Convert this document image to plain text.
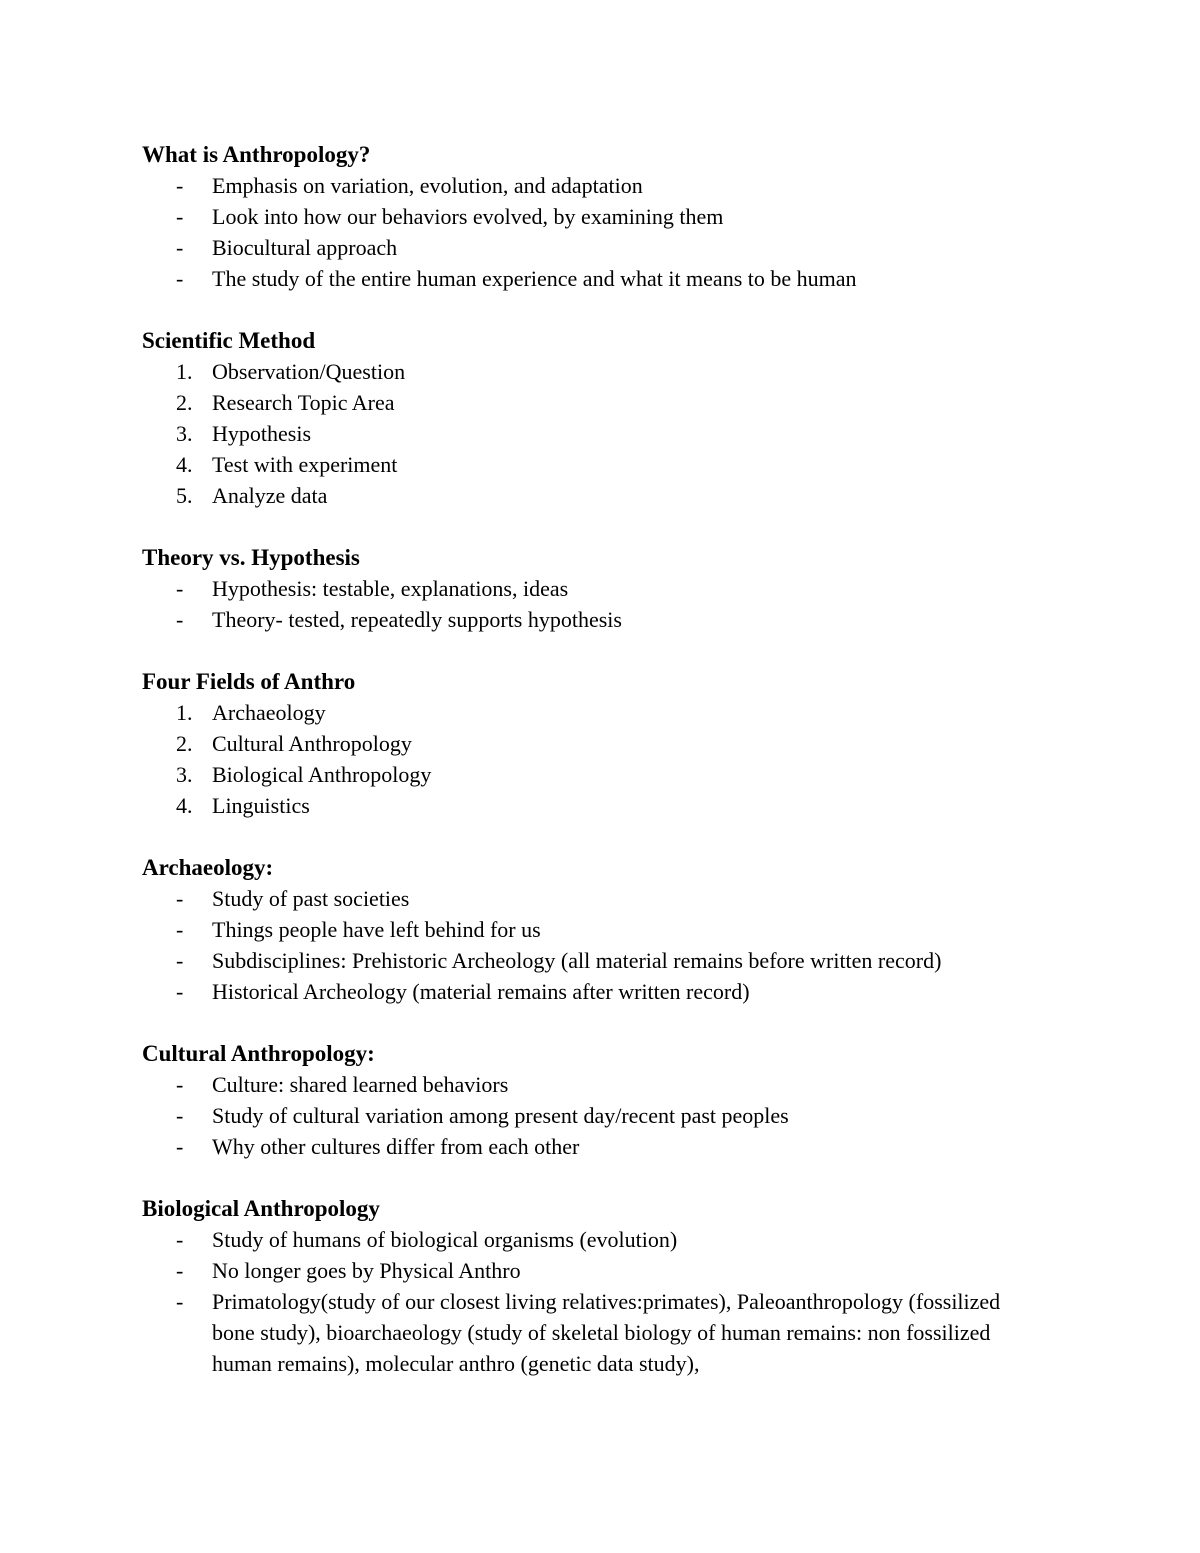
What is Anthropology?
-	Emphasis on variation, evolution, and adaptation
-	Look into how our behaviors evolved, by examining them
-	Biocultural approach
-	The study of the entire human experience and what it means to be human
Scientific Method
1. Observation/Question
2. Research Topic Area
3. Hypothesis
4. Test with experiment
5. Analyze data
Theory vs. Hypothesis
-	Hypothesis: testable, explanations, ideas
-	Theory- tested, repeatedly supports hypothesis
Four Fields of Anthro
1. Archaeology
2. Cultural Anthropology
3. Biological Anthropology
4. Linguistics
Archaeology:
-	Study of past societies
-	Things people have left behind for us
-	Subdisciplines: Prehistoric Archeology (all material remains before written record)
-	Historical Archeology (material remains after written record)
Cultural Anthropology:
-	Culture: shared learned behaviors
-	Study of cultural variation among present day/recent past peoples
-	Why other cultures differ from each other
Biological Anthropology
-	Study of humans of biological organisms (evolution)
-	No longer goes by Physical Anthro
-	Primatology(study of our closest living relatives:primates), Paleoanthropology (fossilized bone study), bioarchaeology (study of skeletal biology of human remains: non fossilized human remains), molecular anthro (genetic data study),
